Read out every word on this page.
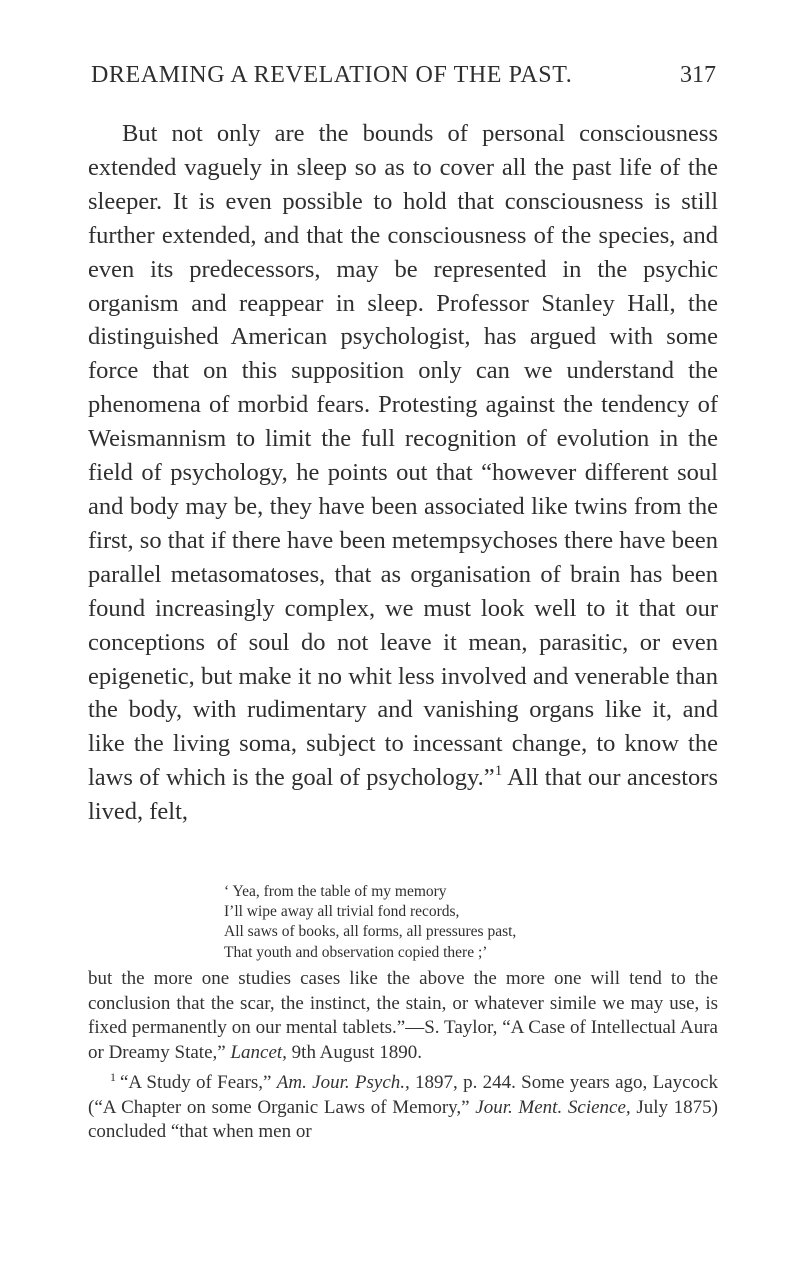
DREAMING A REVELATION OF THE PAST.	317

But not only are the bounds of personal consciousness extended vaguely in sleep so as to cover all the past life of the sleeper. It is even possible to hold that consciousness is still further extended, and that the consciousness of the species, and even its predecessors, may be represented in the psychic organism and reappear in sleep. Professor Stanley Hall, the distinguished American psychologist, has argued with some force that on this supposition only can we understand the phenomena of morbid fears. Protesting against the tendency of Weismannism to limit the full recognition of evolution in the field of psychology, he points out that “however different soul and body may be, they have been associated like twins from the first, so that if there have been metempsychoses there have been parallel metasomatoses, that as organisation of brain has been found increasingly complex, we must look well to it that our conceptions of soul do not leave it mean, parasitic, or even epigenetic, but make it no whit less involved and venerable than the body, with rudimentary and vanishing organs like it, and like the living soma, subject to incessant change, to know the laws of which is the goal of psychology.”$^1$ All that our ancestors lived, felt,

‘ Yea, from the table of my memory
I’ll wipe away all trivial fond records,
All saws of books, all forms, all pressures past,
That youth and observation copied there ;’

but the more one studies cases like the above the more one will tend to the conclusion that the scar, the instinct, the stain, or whatever simile we may use, is fixed permanently on our mental tablets.”—S. Taylor, “A Case of Intellectual Aura or Dreamy State,” Lancet, 9th August 1890.

$^1$ “A Study of Fears,” Am. Jour. Psych., 1897, p. 244. Some years ago, Laycock (“A Chapter on some Organic Laws of Memory,” Jour. Ment. Science, July 1875) concluded “that when men or
